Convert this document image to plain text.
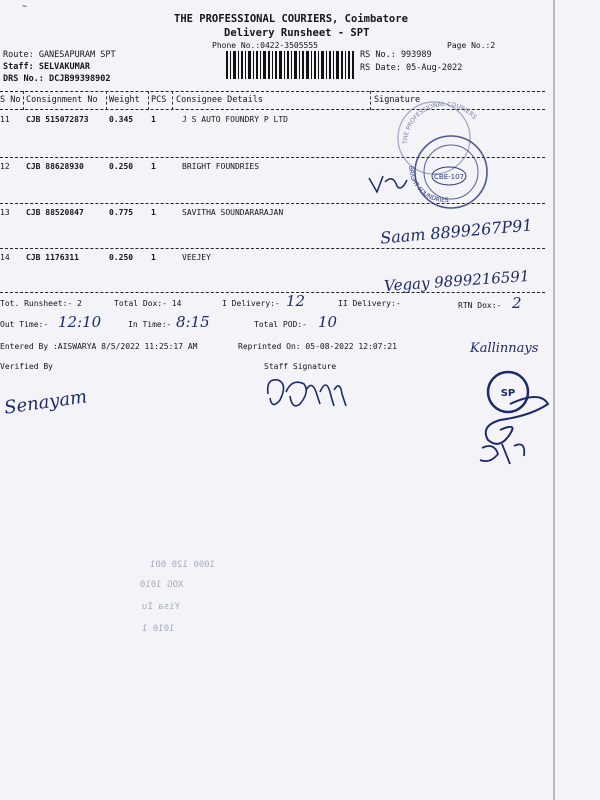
~
THE PROFESSIONAL COURIERS, Coimbatore
Delivery Runsheet - SPT
Phone No.:0422-3505555	Page No.:2
Route: GANESAPURAM SPT
Staff: SELVAKUMAR
DRS No.: DCJB99398902
RS No.: 993989
RS Date: 05-Aug-2022
S No Consignment No Weight PCS Consignee Details	Signature
11 CJB 515072873	0.345 1	J S AUTO FOUNDRY P LTD
12 CJB 88628930	0.250 1	BRIGHT FOUNDRIES
13 CJB 88520847	0.775 1	SAVITHA SOUNDARARAJAN
14 CJB 1176311	0.250 1	VEEJEY
CBE-107
THE PROFESSIONAL COURIERS
BRIGHT FOUNDRIES
Saam 8899267P91
Vegay 9899216591
Tot. Runsheet:- 2	Total Dox:- 14	I Delivery:- 12	II Delivery:-	RTN Dox:- 2
Out Time:- 12:10	In Time:- 8:15	Total POD:- 10
Entered By :AISWARYA 8/5/2022 11:25:17 AM	Reprinted On: 05-08-2022 12:07:21	Kallinnays
Verified By	Staff Signature
Senayam	SP
1000 120 001
XOG 1010
Yisa Iu
1010 1
